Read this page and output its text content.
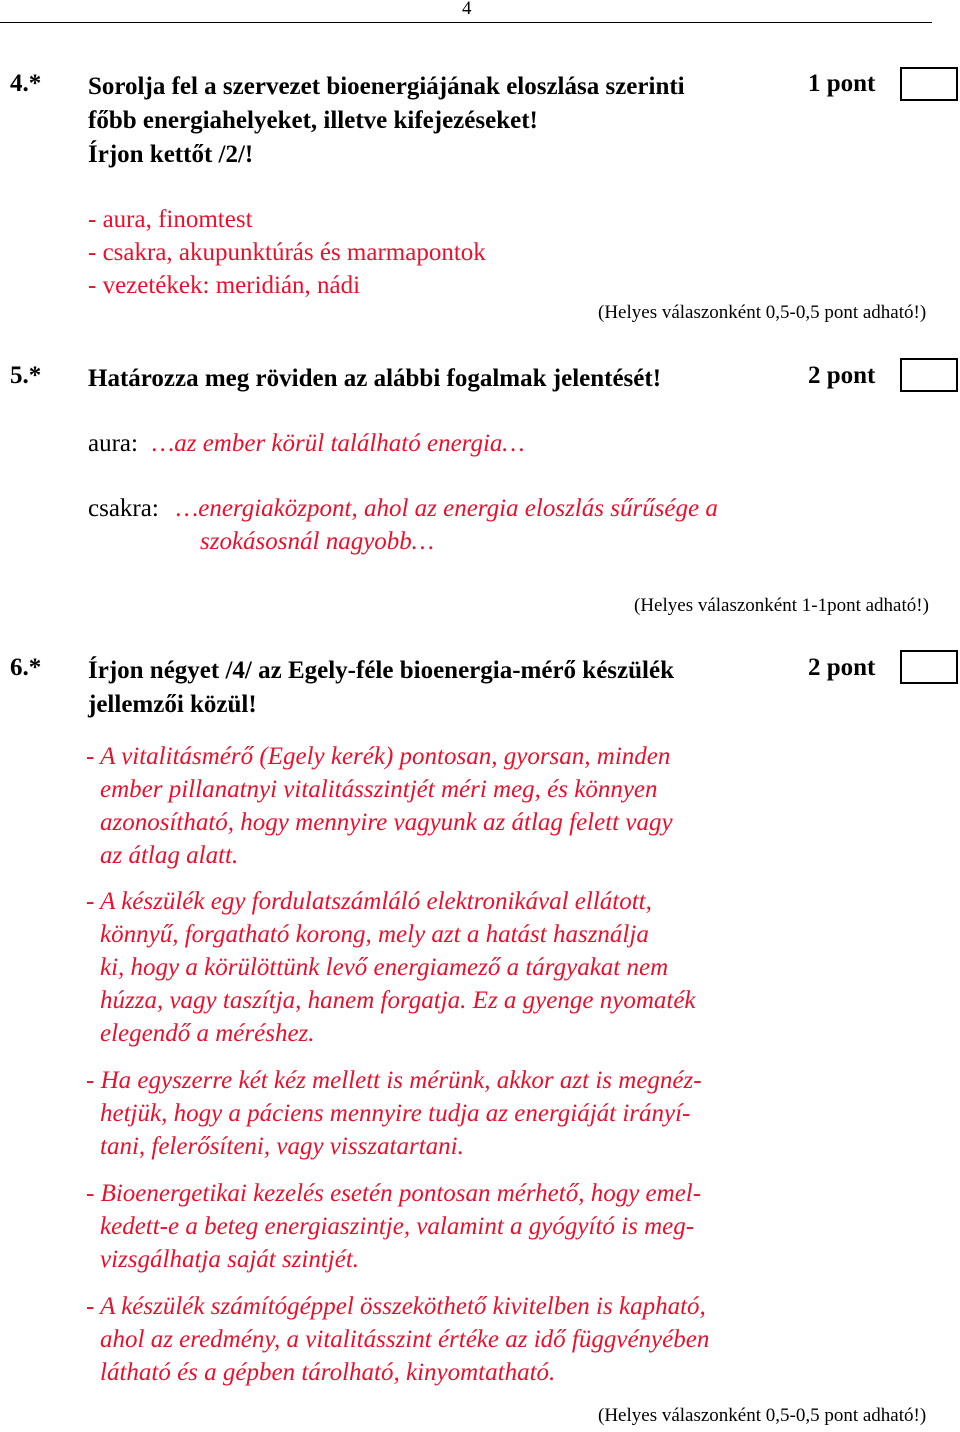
4
4.* Sorolja fel a szervezet bioenergiájának eloszlása szerinti
főbb energiahelyeket, illetve kifejezéseket!
Írjon kettőt /2/!
1 pont
- aura, finomtest
- csakra, akupunktúrás és marmapontok
- vezetékek: meridián, nádi
(Helyes válaszonként 0,5-0,5 pont adható!)
5.* Határozza meg röviden az alábbi fogalmak jelentését!	2 pont
aura: …az ember körül található energia…
csakra: …energiaközpont, ahol az energia eloszlás sűrűsége a
szokásosnál nagyobb…
(Helyes válaszonként 1-1pont adható!)
6.* Írjon négyet /4/ az Egely-féle bioenergia-mérő készülék
jellemzői közül!
2 pont
- A vitalitásmérő (Egely kerék) pontosan, gyorsan, minden
ember pillanatnyi vitalitásszintjét méri meg, és könnyen
azonosítható, hogy mennyire vagyunk az átlag felett vagy
az átlag alatt.
- A készülék egy fordulatszámláló elektronikával ellátott,
könnyű, forgatható korong, mely azt a hatást használja
ki, hogy a körülöttünk levő energiamező a tárgyakat nem
húzza, vagy taszítja, hanem forgatja. Ez a gyenge nyomaték
elegendő a méréshez.
- Ha egyszerre két kéz mellett is mérünk, akkor azt is megnéz-
hetjük, hogy a páciens mennyire tudja az energiáját irányí-
tani, felerősíteni, vagy visszatartani.
- Bioenergetikai kezelés esetén pontosan mérhető, hogy emel-
kedett-e a beteg energiaszintje, valamint a gyógyító is meg-
vizsgálhatja saját szintjét.
- A készülék számítógéppel összeköthető kivitelben is kapható,
ahol az eredmény, a vitalitásszint értéke az idő függvényében
látható és a gépben tárolható, kinyomtatható.
(Helyes válaszonként 0,5-0,5 pont adható!)
